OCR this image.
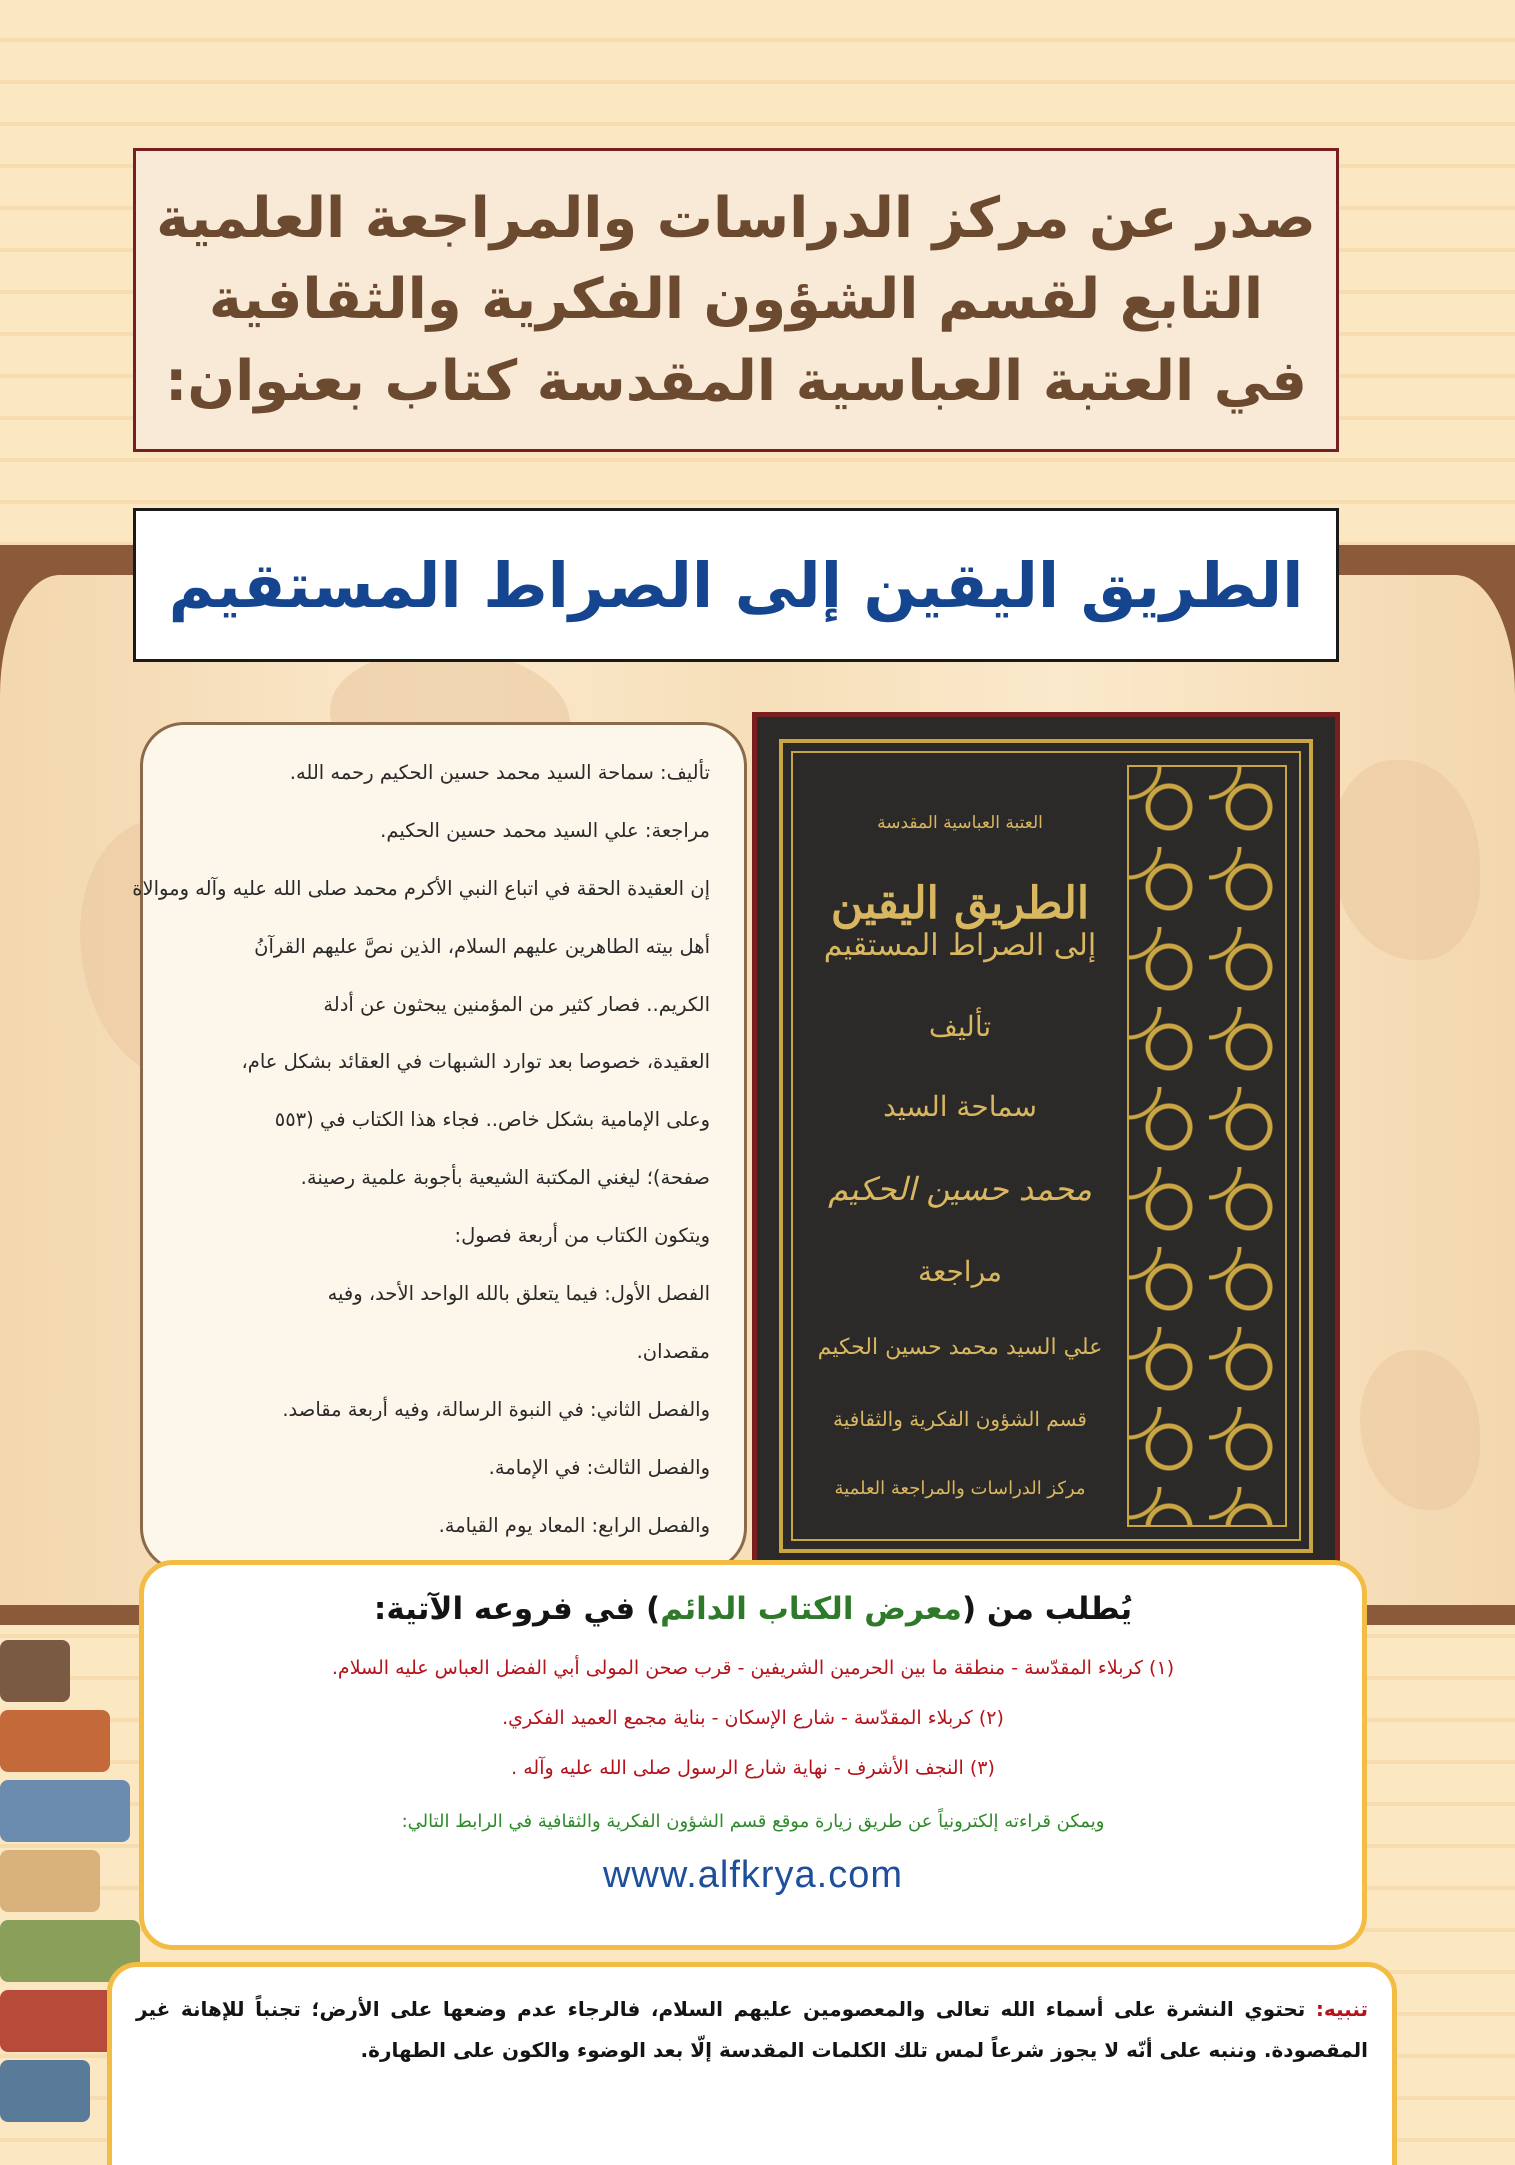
صدر عن مركز الدراسات والمراجعة العلمية
التابع لقسم الشؤون الفكرية والثقافية
في العتبة العباسية المقدسة كتاب بعنوان:
الطريق اليقين إلى الصراط المستقيم
تأليف: سماحة السيد محمد حسين الحكيم رحمه الله.
مراجعة: علي السيد محمد حسين الحكيم.
إن العقيدة الحقة في اتباع النبي الأكرم محمد صلى الله عليه وآله وموالاة
أهل بيته الطاهرين عليهم السلام، الذين نصَّ عليهم القرآنُ
الكريم.. فصار كثير من المؤمنين يبحثون عن أدلة
العقيدة، خصوصا بعد توارد الشبهات في العقائد بشكل عام،
وعلى الإمامية بشكل خاص.. فجاء هذا الكتاب في (٥٥٣
صفحة)؛ ليغني المكتبة الشيعية بأجوبة علمية رصينة.
ويتكون الكتاب من أربعة فصول:
الفصل الأول: فيما يتعلق بالله الواحد الأحد، وفيه
مقصدان.
والفصل الثاني: في النبوة الرسالة، وفيه أربعة مقاصد.
والفصل الثالث: في الإمامة.
والفصل الرابع: المعاد يوم القيامة.
العتبة العباسية المقدسة
الطريق اليقين
إلى الصراط المستقيم
تأليف
سماحة السيد
محمد حسين الحكيم
مراجعة
علي السيد محمد حسين الحكيم
قسم الشؤون الفكرية والثقافية
مركز الدراسات والمراجعة العلمية
يُطلب من (معرض الكتاب الدائم) في فروعه الآتية:
(١) كربلاء المقدّسة - منطقة ما بين الحرمين الشريفين - قرب صحن المولى أبي الفضل العباس عليه السلام.
(٢) كربلاء المقدّسة - شارع الإسكان - بناية مجمع العميد الفكري.
(٣) النجف الأشرف - نهاية شارع الرسول صلى الله عليه وآله .
ويمكن قراءته إلكترونياً عن طريق زيارة موقع قسم الشؤون الفكرية والثقافية في الرابط التالي:
www.alfkrya.com
تنبيه: تحتوي النشرة على أسماء الله تعالى والمعصومين عليهم السلام، فالرجاء عدم وضعها على الأرض؛ تجنباً للإهانة غير المقصودة. وننبه على أنّه لا يجوز شرعاً لمس تلك الكلمات المقدسة إلّا بعد الوضوء والكون على الطهارة.
